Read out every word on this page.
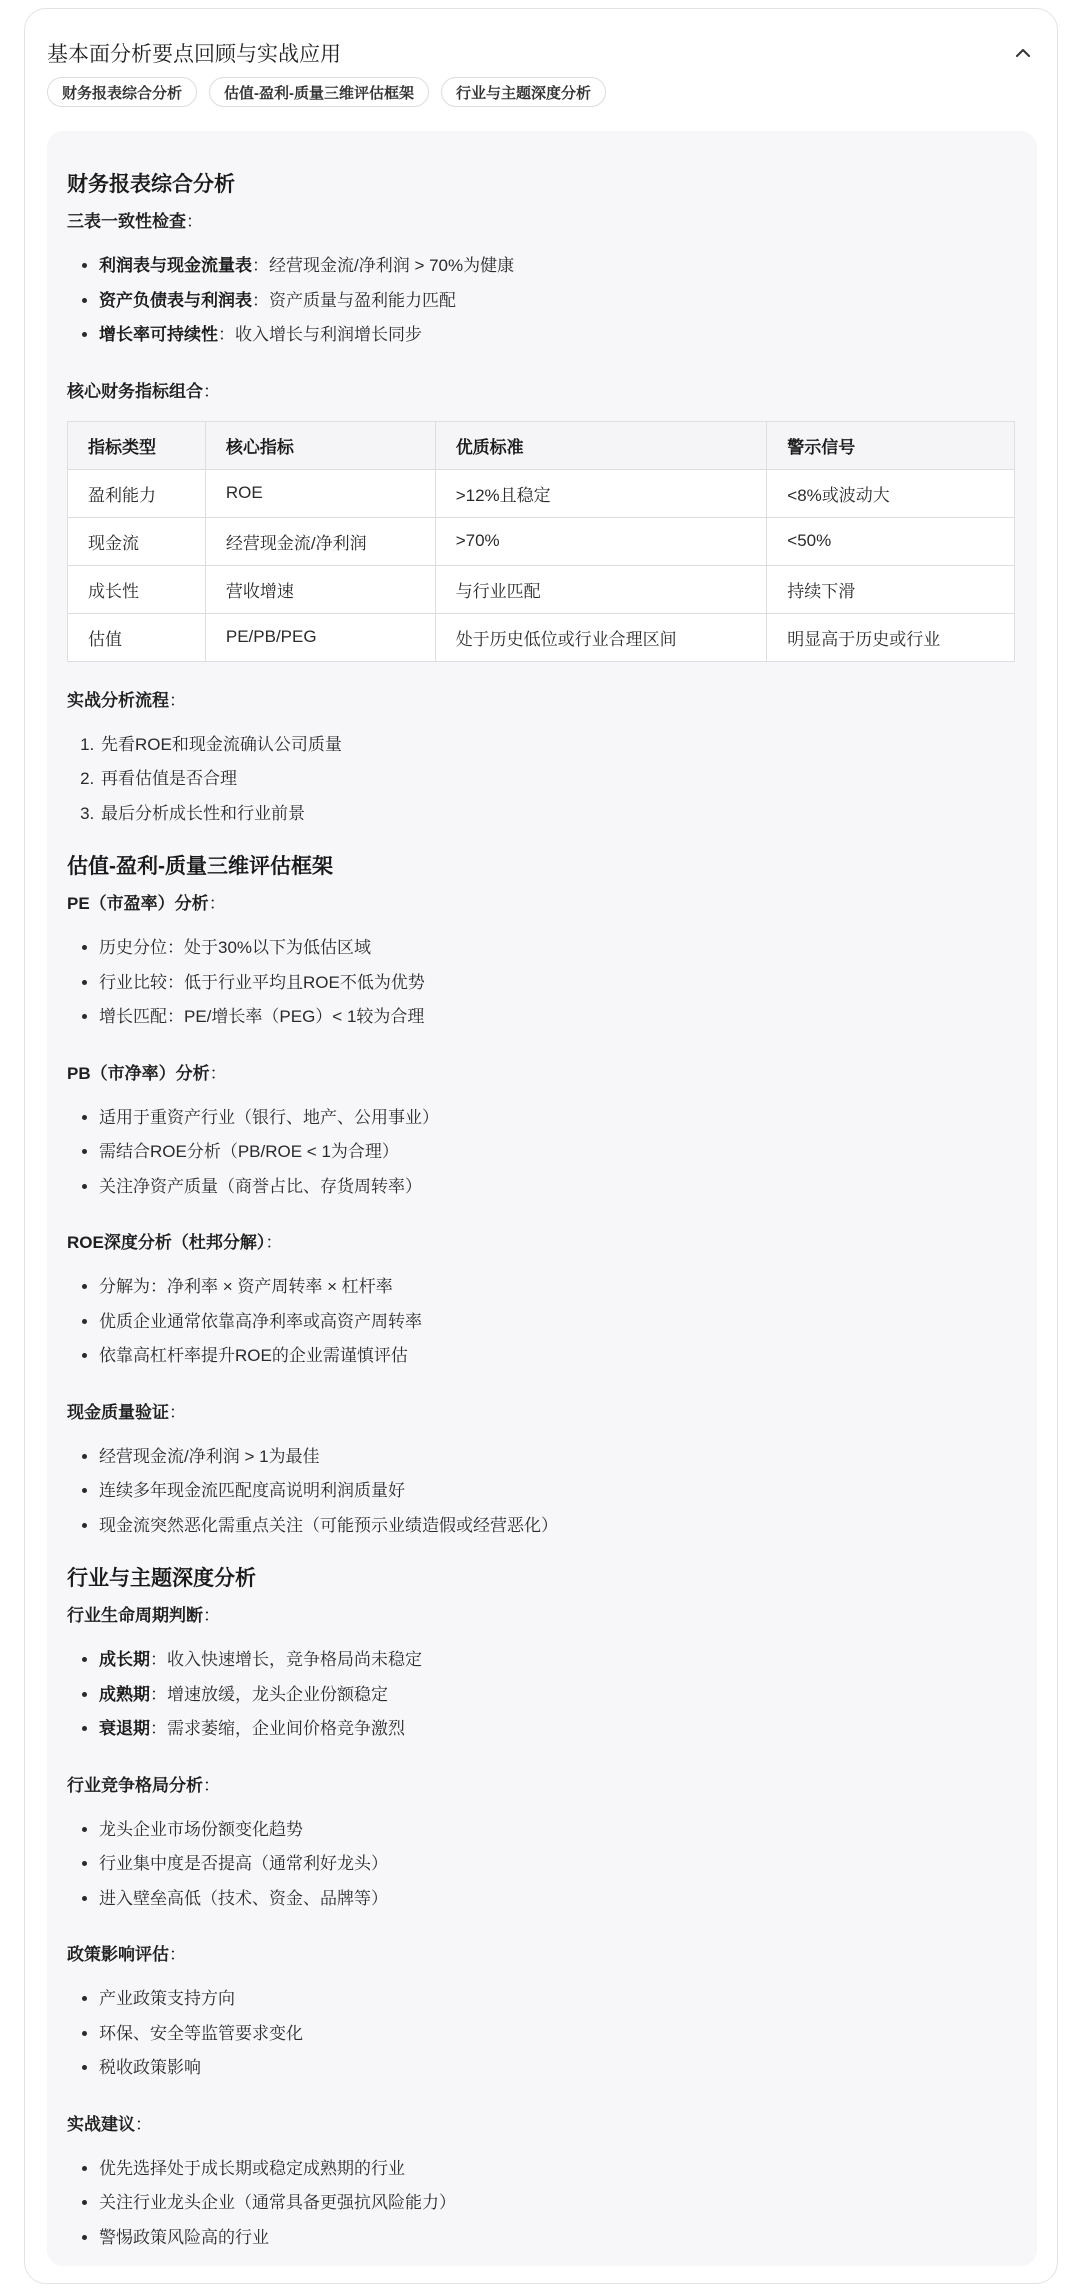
基本面分析要点回顾与实战应用
财务报表综合分析	估值-盈利-质量三维评估框架	行业与主题深度分析
财务报表综合分析

三表一致性检查：

• 利润表与现金流量表：经营现金流/净利润 > 70%为健康
• 资产负债表与利润表：资产质量与盈利能力匹配
• 增长率可持续性：收入增长与利润增长同步

核心财务指标组合：

指标类型	核心指标	优质标准	警示信号
盈利能力	ROE	>12%且稳定	<8%或波动大
现金流	经营现金流/净利润	>70%	<50%
成长性	营收增速	与行业匹配	持续下滑
估值	PE/PB/PEG	处于历史低位或行业合理区间	明显高于历史或行业

实战分析流程：

1. 先看ROE和现金流确认公司质量
2. 再看估值是否合理
3. 最后分析成长性和行业前景
估值-盈利-质量三维评估框架

PE（市盈率）分析：

• 历史分位：处于30%以下为低估区域
• 行业比较：低于行业平均且ROE不低为优势
• 增长匹配：PE/增长率（PEG）< 1较为合理

PB（市净率）分析：

• 适用于重资产行业（银行、地产、公用事业）
• 需结合ROE分析（PB/ROE < 1为合理）
• 关注净资产质量（商誉占比、存货周转率）

ROE深度分析（杜邦分解）：

• 分解为：净利率 × 资产周转率 × 杠杆率
• 优质企业通常依靠高净利率或高资产周转率
• 依靠高杠杆率提升ROE的企业需谨慎评估

现金质量验证：

• 经营现金流/净利润 > 1为最佳
• 连续多年现金流匹配度高说明利润质量好
• 现金流突然恶化需重点关注（可能预示业绩造假或经营恶化）
行业与主题深度分析

行业生命周期判断：

• 成长期：收入快速增长，竞争格局尚未稳定
• 成熟期：增速放缓，龙头企业份额稳定
• 衰退期：需求萎缩，企业间价格竞争激烈

行业竞争格局分析：

• 龙头企业市场份额变化趋势
• 行业集中度是否提高（通常利好龙头）
• 进入壁垒高低（技术、资金、品牌等）

政策影响评估：

• 产业政策支持方向
• 环保、安全等监管要求变化
• 税收政策影响

实战建议：

• 优先选择处于成长期或稳定成熟期的行业
• 关注行业龙头企业（通常具备更强抗风险能力）
• 警惕政策风险高的行业
